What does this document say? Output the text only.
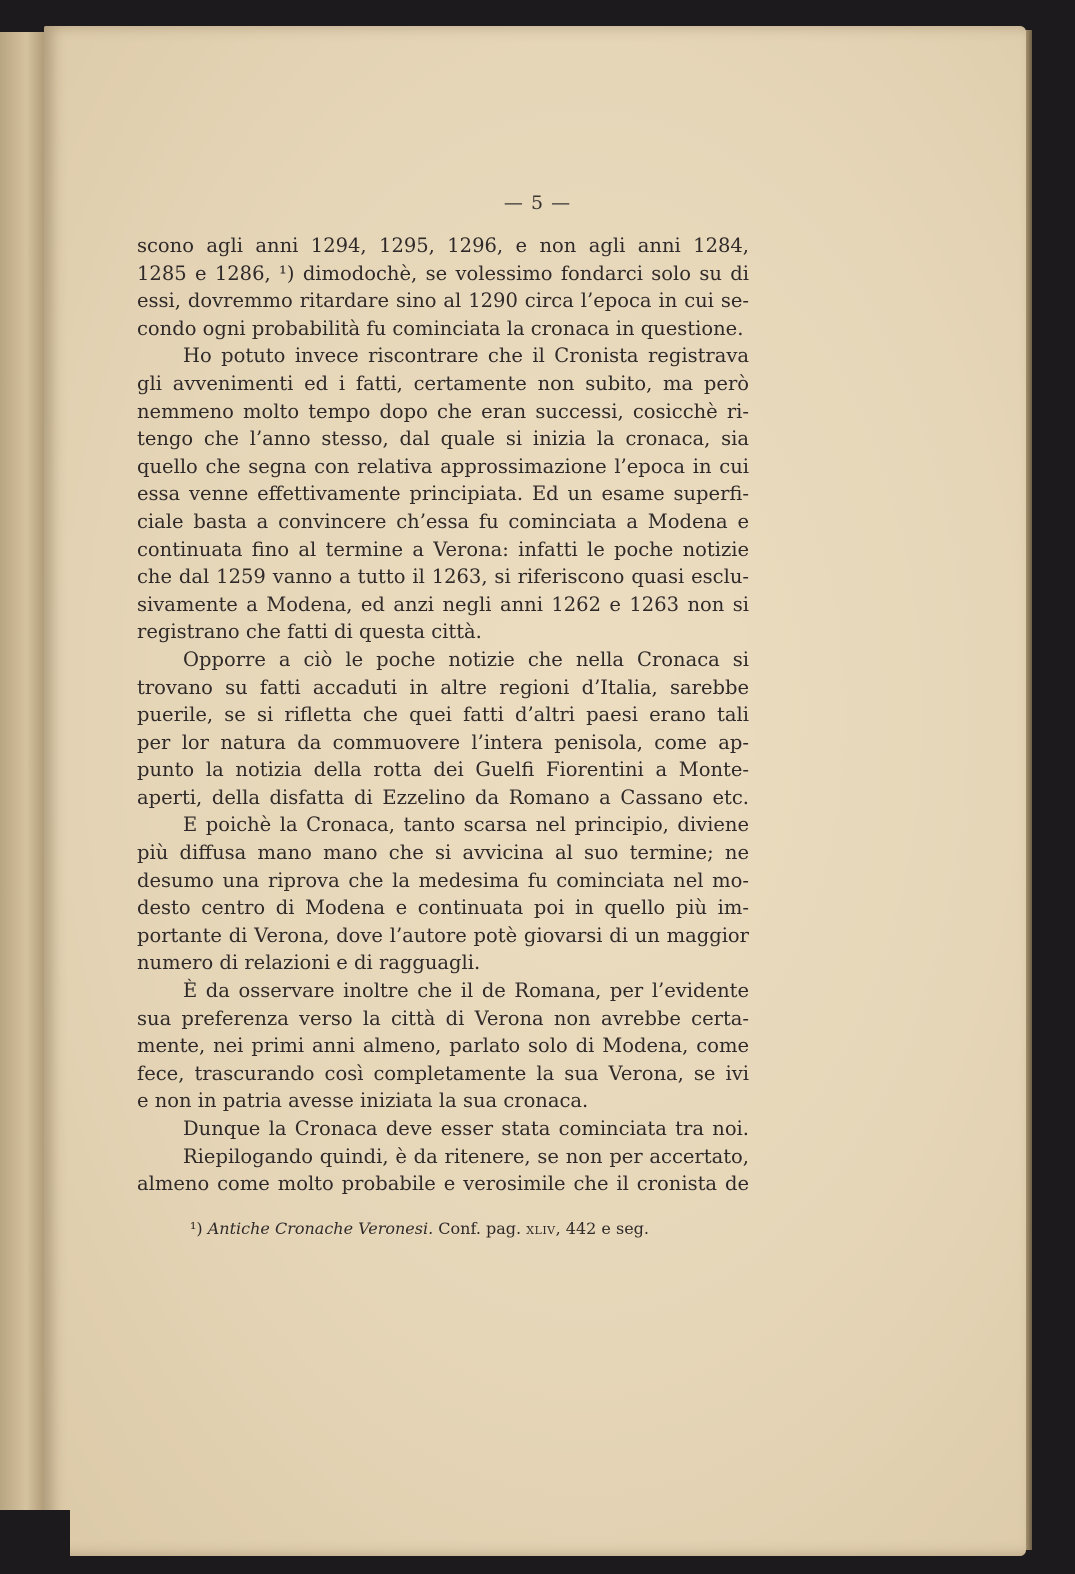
— 5 —
scono agli anni 1294, 1295, 1296, e non agli anni 1284,
1285 e 1286, ¹) dimodochè, se volessimo fondarci solo su di
essi, dovremmo ritardare sino al 1290 circa l’epoca in cui se-
condo ogni probabilità fu cominciata la cronaca in questione.
Ho potuto invece riscontrare che il Cronista registrava
gli avvenimenti ed i fatti, certamente non subito, ma però
nemmeno molto tempo dopo che eran successi, cosicchè ri-
tengo che l’anno stesso, dal quale si inizia la cronaca, sia
quello che segna con relativa approssimazione l’epoca in cui
essa venne effettivamente principiata. Ed un esame superfi-
ciale basta a convincere ch’essa fu cominciata a Modena e
continuata fino al termine a Verona: infatti le poche notizie
che dal 1259 vanno a tutto il 1263, si riferiscono quasi esclu-
sivamente a Modena, ed anzi negli anni 1262 e 1263 non si
registrano che fatti di questa città.
Opporre a ciò le poche notizie che nella Cronaca si
trovano su fatti accaduti in altre regioni d’Italia, sarebbe
puerile, se si rifletta che quei fatti d’altri paesi erano tali
per lor natura da commuovere l’intera penisola, come ap-
punto la notizia della rotta dei Guelfi Fiorentini a Monte-
aperti, della disfatta di Ezzelino da Romano a Cassano etc.
E poichè la Cronaca, tanto scarsa nel principio, diviene
più diffusa mano mano che si avvicina al suo termine; ne
desumo una riprova che la medesima fu cominciata nel mo-
desto centro di Modena e continuata poi in quello più im-
portante di Verona, dove l’autore potè giovarsi di un maggior
numero di relazioni e di ragguagli.
È da osservare inoltre che il de Romana, per l’evidente
sua preferenza verso la città di Verona non avrebbe certa-
mente, nei primi anni almeno, parlato solo di Modena, come
fece, trascurando così completamente la sua Verona, se ivi
e non in patria avesse iniziata la sua cronaca.
Dunque la Cronaca deve esser stata cominciata tra noi.
Riepilogando quindi, è da ritenere, se non per accertato,
almeno come molto probabile e verosimile che il cronista de
¹) Antiche Cronache Veronesi. Conf. pag. xliv, 442 e seg.
